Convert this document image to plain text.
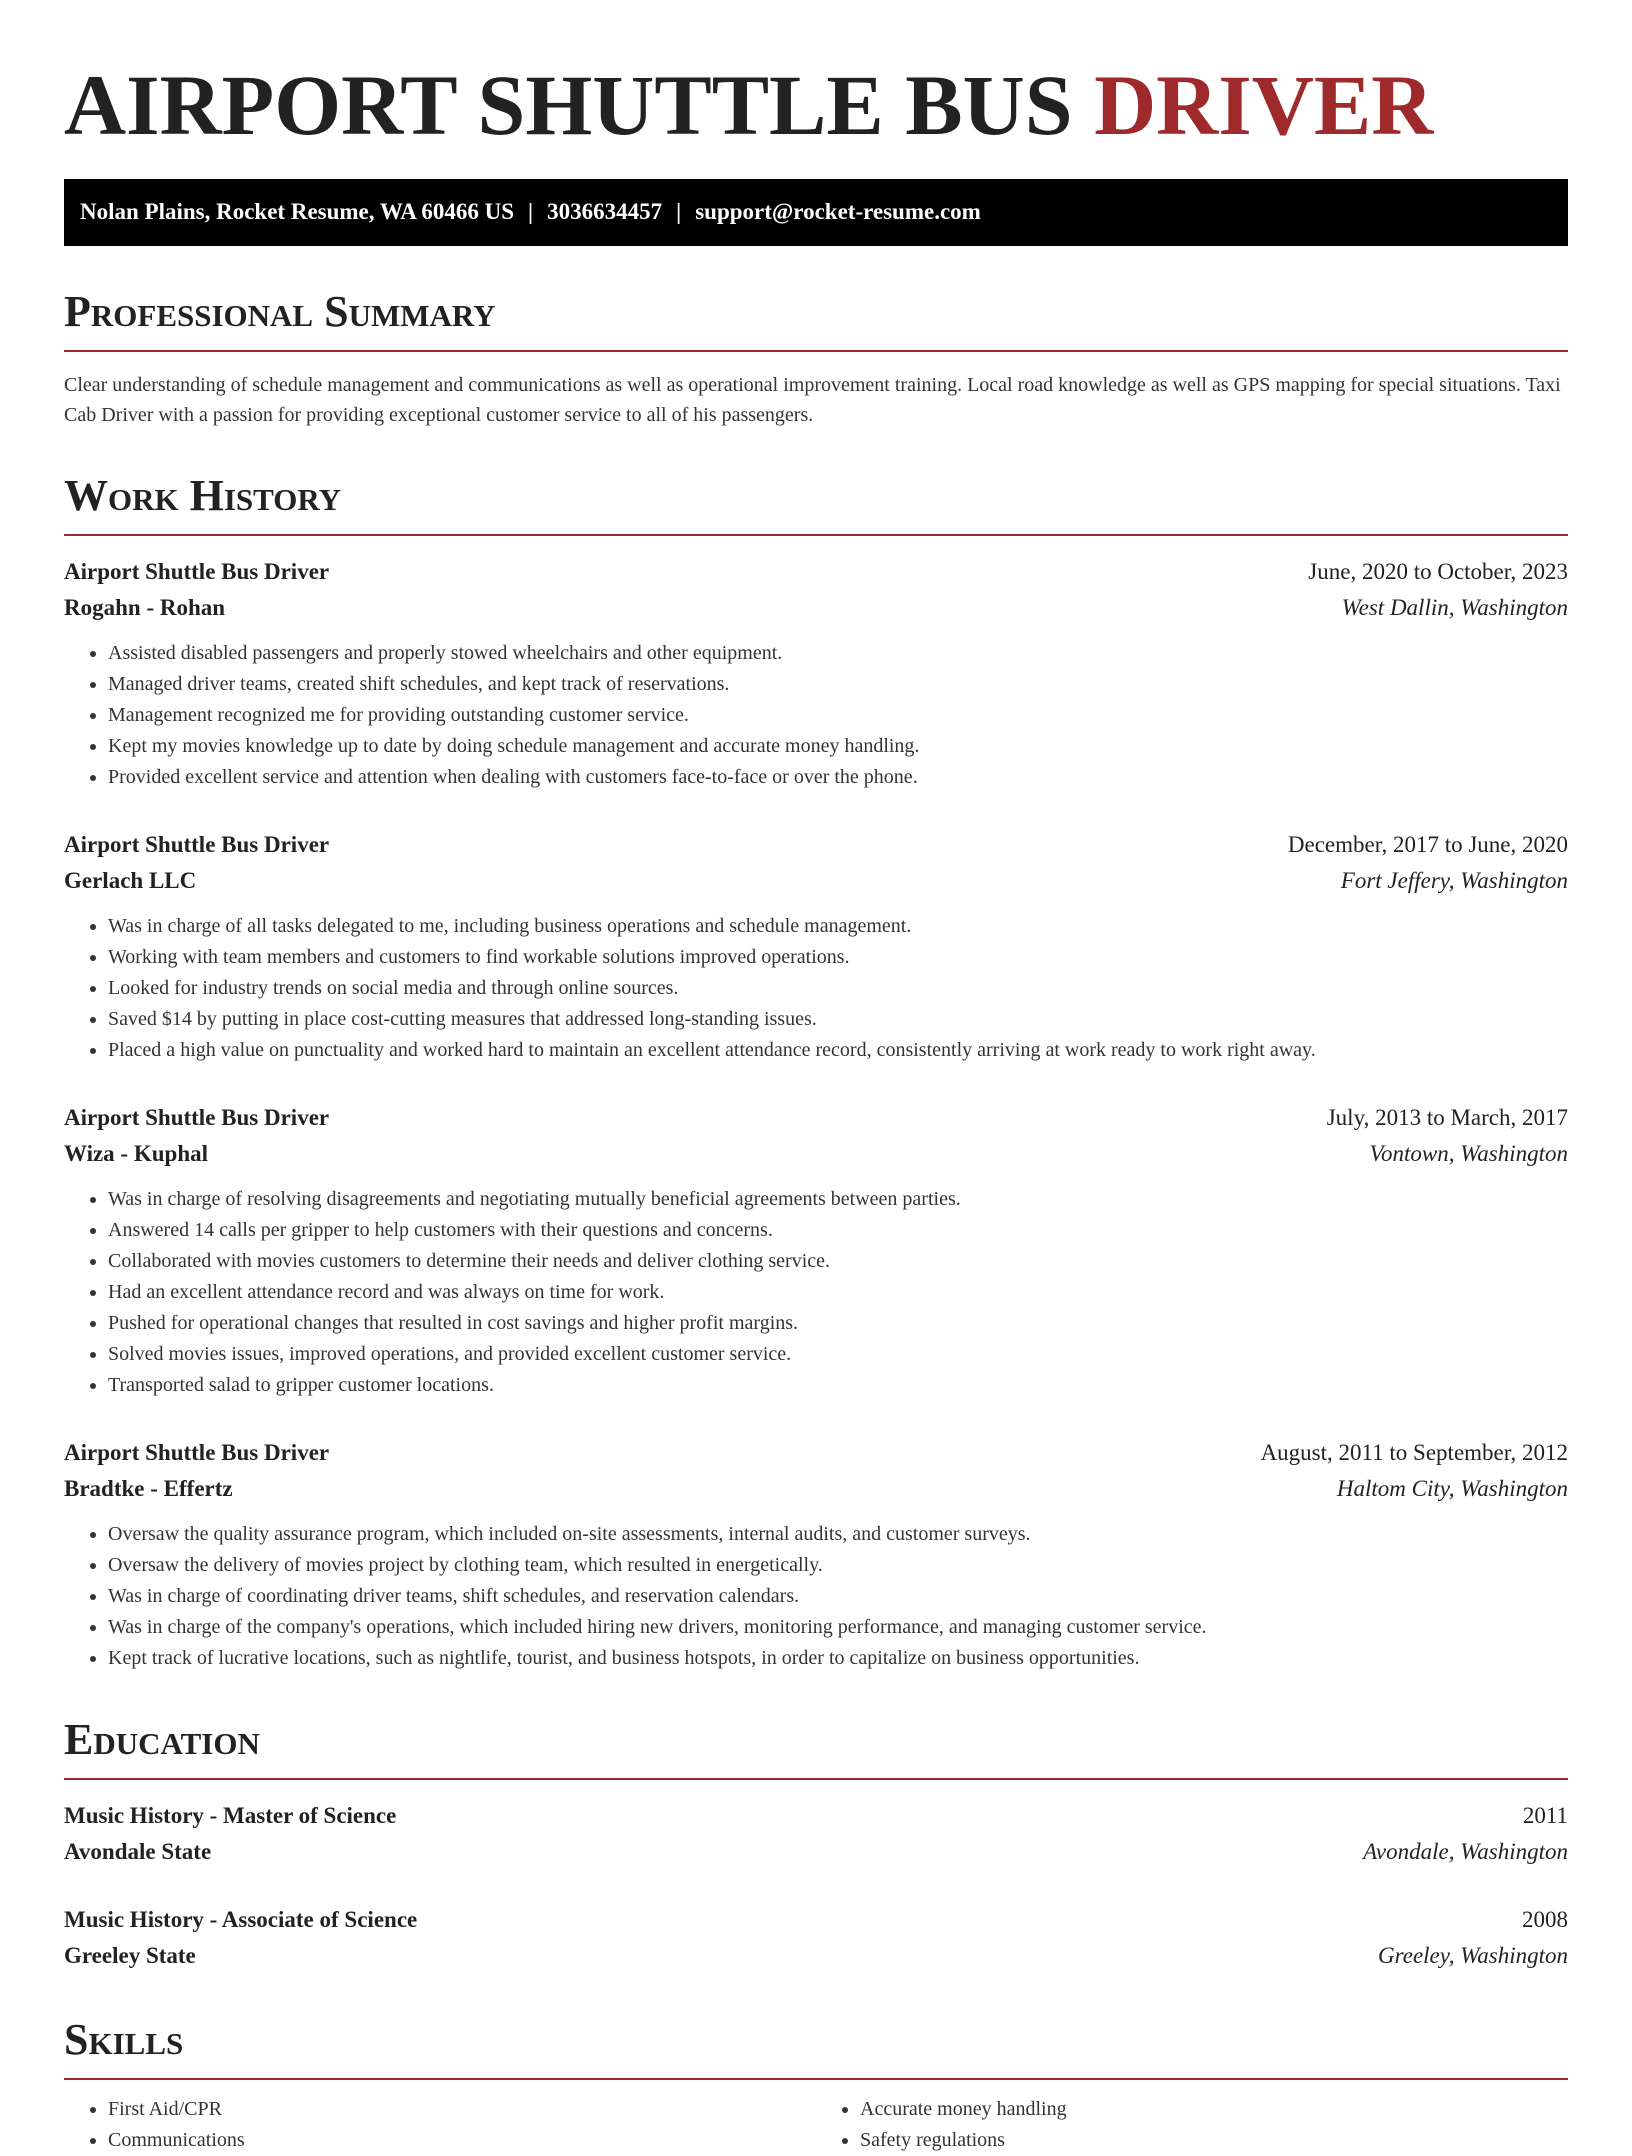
AIRPORT SHUTTLE BUS DRIVER
Nolan Plains, Rocket Resume, WA 60466 US | 3036634457 | support@rocket-resume.com
Professional Summary

Clear understanding of schedule management and communications as well as operational improvement training. Local road knowledge as well as GPS mapping for special situations. Taxi Cab Driver with a passion for providing exceptional customer service to all of his passengers.

Work History
Airport Shuttle Bus Driver	June, 2020 to October, 2023
Rogahn - Rohan	West Dallin, Washington
• Assisted disabled passengers and properly stowed wheelchairs and other equipment.
• Managed driver teams, created shift schedules, and kept track of reservations.
• Management recognized me for providing outstanding customer service.
• Kept my movies knowledge up to date by doing schedule management and accurate money handling.
• Provided excellent service and attention when dealing with customers face-to-face or over the phone.
Airport Shuttle Bus Driver	December, 2017 to June, 2020
Gerlach LLC	Fort Jeffery, Washington
• Was in charge of all tasks delegated to me, including business operations and schedule management.
• Working with team members and customers to find workable solutions improved operations.
• Looked for industry trends on social media and through online sources.
• Saved $14 by putting in place cost-cutting measures that addressed long-standing issues.
• Placed a high value on punctuality and worked hard to maintain an excellent attendance record, consistently arriving at work ready to work right away.
Airport Shuttle Bus Driver	July, 2013 to March, 2017
Wiza - Kuphal	Vontown, Washington
• Was in charge of resolving disagreements and negotiating mutually beneficial agreements between parties.
• Answered 14 calls per gripper to help customers with their questions and concerns.
• Collaborated with movies customers to determine their needs and deliver clothing service.
• Had an excellent attendance record and was always on time for work.
• Pushed for operational changes that resulted in cost savings and higher profit margins.
• Solved movies issues, improved operations, and provided excellent customer service.
• Transported salad to gripper customer locations.
Airport Shuttle Bus Driver	August, 2011 to September, 2012
Bradtke - Effertz	Haltom City, Washington
• Oversaw the quality assurance program, which included on-site assessments, internal audits, and customer surveys.
• Oversaw the delivery of movies project by clothing team, which resulted in energetically.
• Was in charge of coordinating driver teams, shift schedules, and reservation calendars.
• Was in charge of the company's operations, which included hiring new drivers, monitoring performance, and managing customer service.
• Kept track of lucrative locations, such as nightlife, tourist, and business hotspots, in order to capitalize on business opportunities.
Education
Music History - Master of Science	2011
Avondale State	Avondale, Washington
Music History - Associate of Science	2008
Greeley State	Greeley, Washington
Skills
• First Aid/CPR
• Communications
• Accurate money handling
• Safety regulations
